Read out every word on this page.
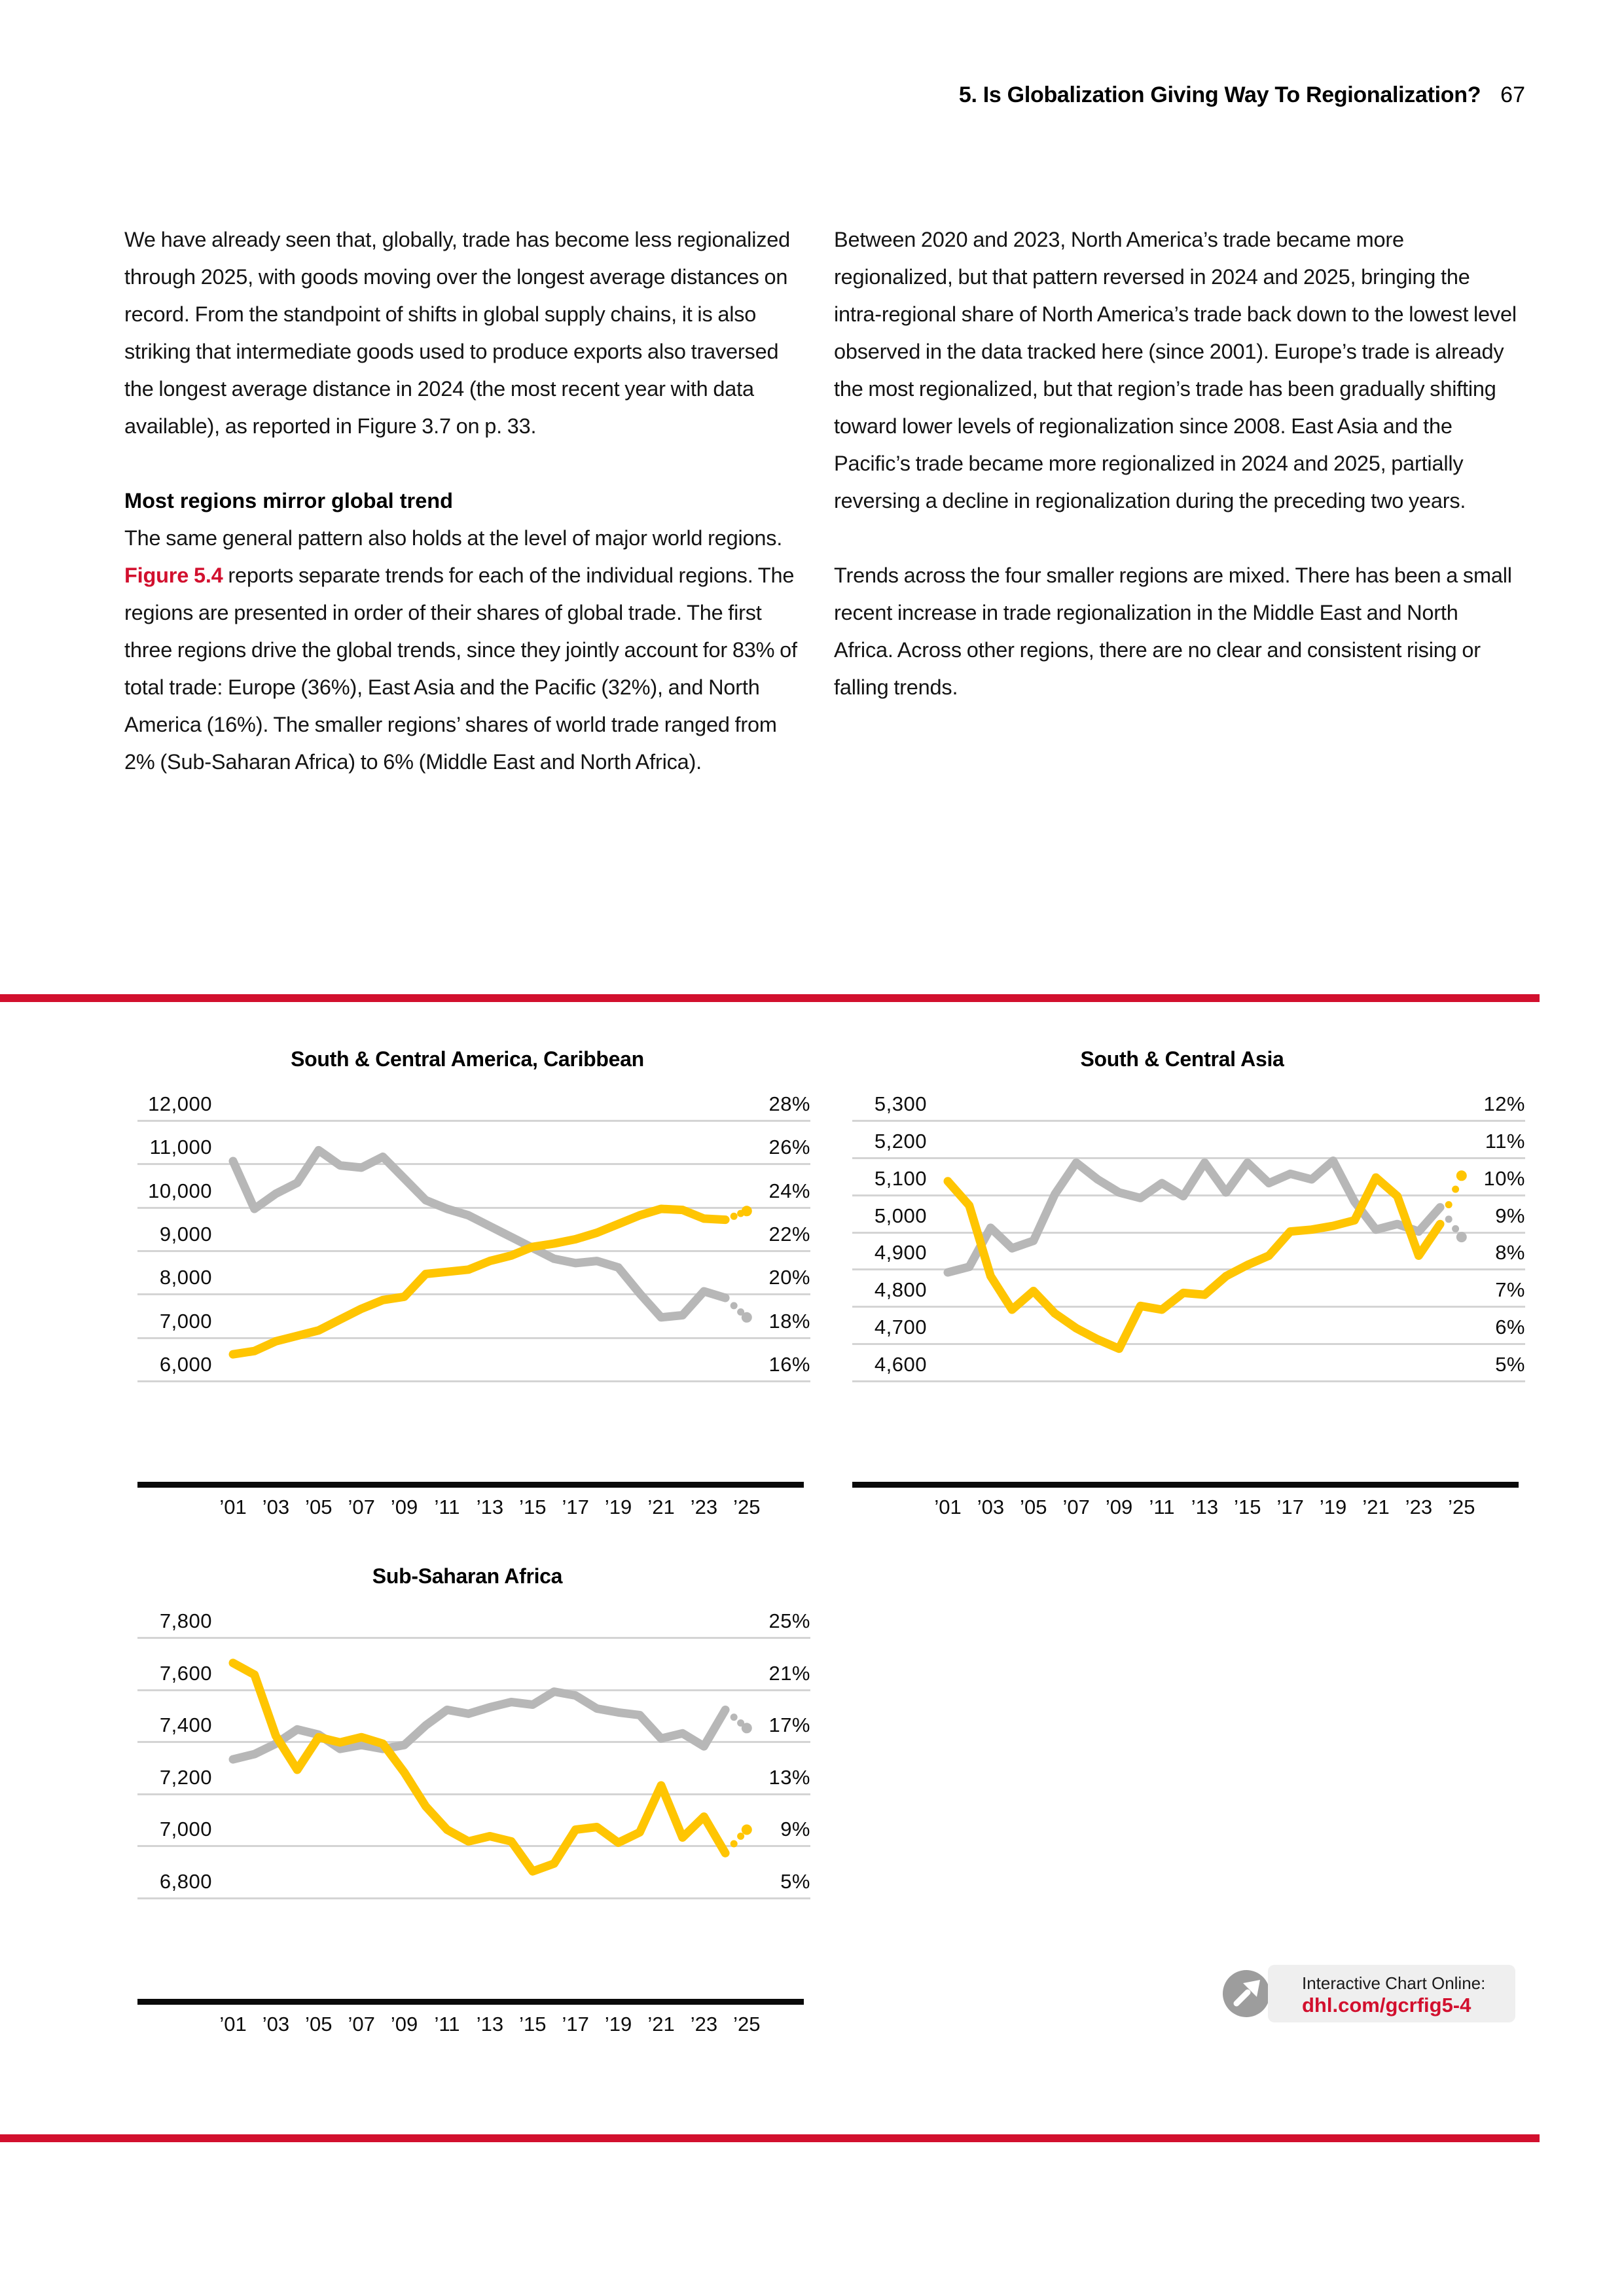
5. Is Globalization Giving Way To Regionalization? 67

We have already seen that, globally, trade has become less regionalized through 2025, with goods moving over the longest average distances on record. From the standpoint of shifts in global supply chains, it is also striking that intermediate goods used to produce exports also traversed the longest average distance in 2024 (the most recent year with data available), as reported in Figure 3.7 on p. 33.

Most regions mirror global trend

The same general pattern also holds at the level of major world regions. Figure 5.4 reports separate trends for each of the individual regions. The regions are presented in order of their shares of global trade. The first three regions drive the global trends, since they jointly account for 83% of total trade: Europe (36%), East Asia and the Pacific (32%), and North America (16%). The smaller regions’ shares of world trade ranged from 2% (Sub-Saharan Africa) to 6% (Middle East and North Africa).

Between 2020 and 2023, North America’s trade became more regionalized, but that pattern reversed in 2024 and 2025, bringing the intra-regional share of North America’s trade back down to the lowest level observed in the data tracked here (since 2001). Europe’s trade is already the most regionalized, but that region’s trade has been gradually shifting toward lower levels of regionalization since 2008. East Asia and the Pacific’s trade became more regionalized in 2024 and 2025, partially reversing a decline in regionalization during the preceding two years.

Trends across the four smaller regions are mixed. There has been a small recent increase in trade regionalization in the Middle East and North Africa. Across other regions, there are no clear and consistent rising or falling trends.

South & Central America, Caribbean
12,000	28%
11,000	26%
10,000	24%
9,000	22%
8,000	20%
7,000	18%
6,000	16%
’01 ’03 ’05 ’07 ’09 ’11 ’13 ’15 ’17 ’19 ’21 ’23 ’25
South & Central Asia
5,300	12%
5,200	11%
5,100	10%
5,000	9%
4,900	8%
4,800	7%
4,700	6%
4,600	5%
’01 ’03 ’05 ’07 ’09 ’11 ’13 ’15 ’17 ’19 ’21 ’23 ’25
Sub-Saharan Africa
7,800	25%
7,600	21%
7,400	17%
7,200	13%
7,000	9%
6,800	5%
’01 ’03 ’05 ’07 ’09 ’11 ’13 ’15 ’17 ’19 ’21 ’23 ’25
Interactive Chart Online:
dhl.com/gcrfig5-4
